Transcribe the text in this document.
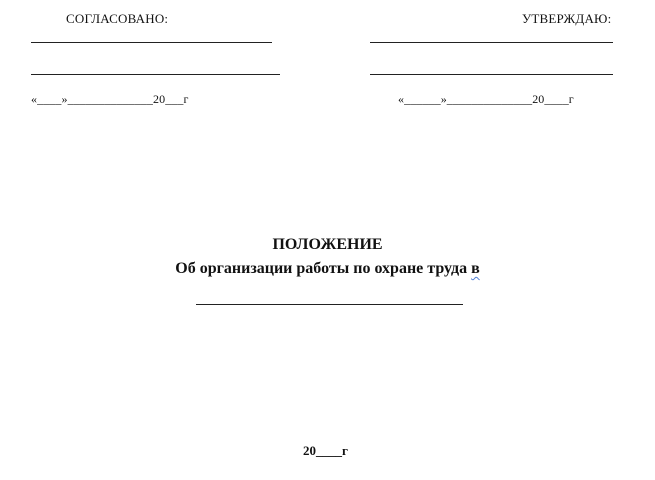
СОГЛАСОВАНО:
«____»______________20___г
УТВЕРЖДАЮ:
«______»______________20____г
ПОЛОЖЕНИЕ
Об организации работы по охране труда в
20____г
